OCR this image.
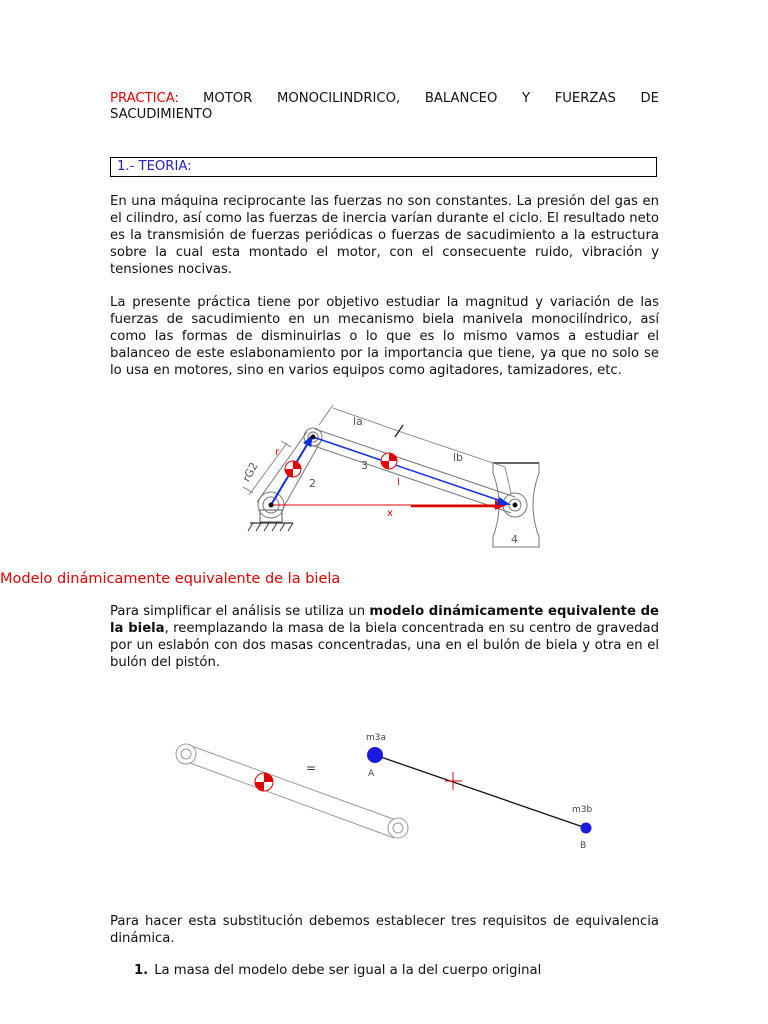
PRACTICA: MOTOR MONOCILINDRICO, BALANCEO Y FUERZAS DE SACUDIMIENTO
1.- TEORIA:

En una máquina reciprocante las fuerzas no son constantes. La presión del gas en el cilindro, así como las fuerzas de inercia varían durante el ciclo. El resultado neto es la transmisión de fuerzas periódicas o fuerzas de sacudimiento a la estructura sobre la cual esta montado el motor, con el consecuente ruido, vibración y tensiones nocivas.

La presente práctica tiene por objetivo estudiar la magnitud y variación de las fuerzas de sacudimiento en un mecanismo biela manivela monocilíndrico, así como las formas de disminuirlas o lo que es lo mismo vamos a estudiar el balanceo de este eslabonamiento por la importancia que tiene, ya que no solo se lo usa en motores, sino en varios equipos como agitadores, tamizadores, etc.

rG2
r
2
3
la
lb
l
x
4
Modelo dinámicamente equivalente de la biela

Para simplificar el análisis se utiliza un modelo dinámicamente equivalente de la biela, reemplazando la masa de la biela concentrada en su centro de gravedad por un eslabón con dos masas concentradas, una en el bulón de biela y otra en el bulón del pistón.

=
m3a
A
m3b
B

Para hacer esta substitución debemos establecer tres requisitos de equivalencia dinámica.

1. La masa del modelo debe ser igual a la del cuerpo original
